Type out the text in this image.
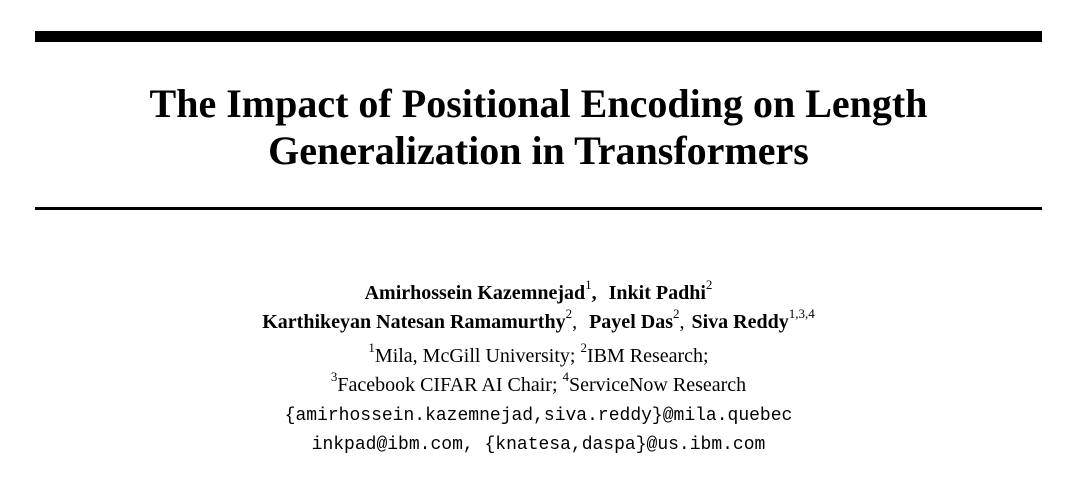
The Impact of Positional Encoding on Length
Generalization in Transformers
Amirhossein Kazemnejad$^1$, Inkit Padhi$^2$
Karthikeyan Natesan Ramamurthy$^2$, Payel Das$^2$, Siva Reddy$^{1,3,4}$
$^1$Mila, McGill University; $^2$IBM Research;
$^3$Facebook CIFAR AI Chair; $^4$ServiceNow Research
{amirhossein.kazemnejad,siva.reddy}@mila.quebec
inkpad@ibm.com, {knatesa,daspa}@us.ibm.com
